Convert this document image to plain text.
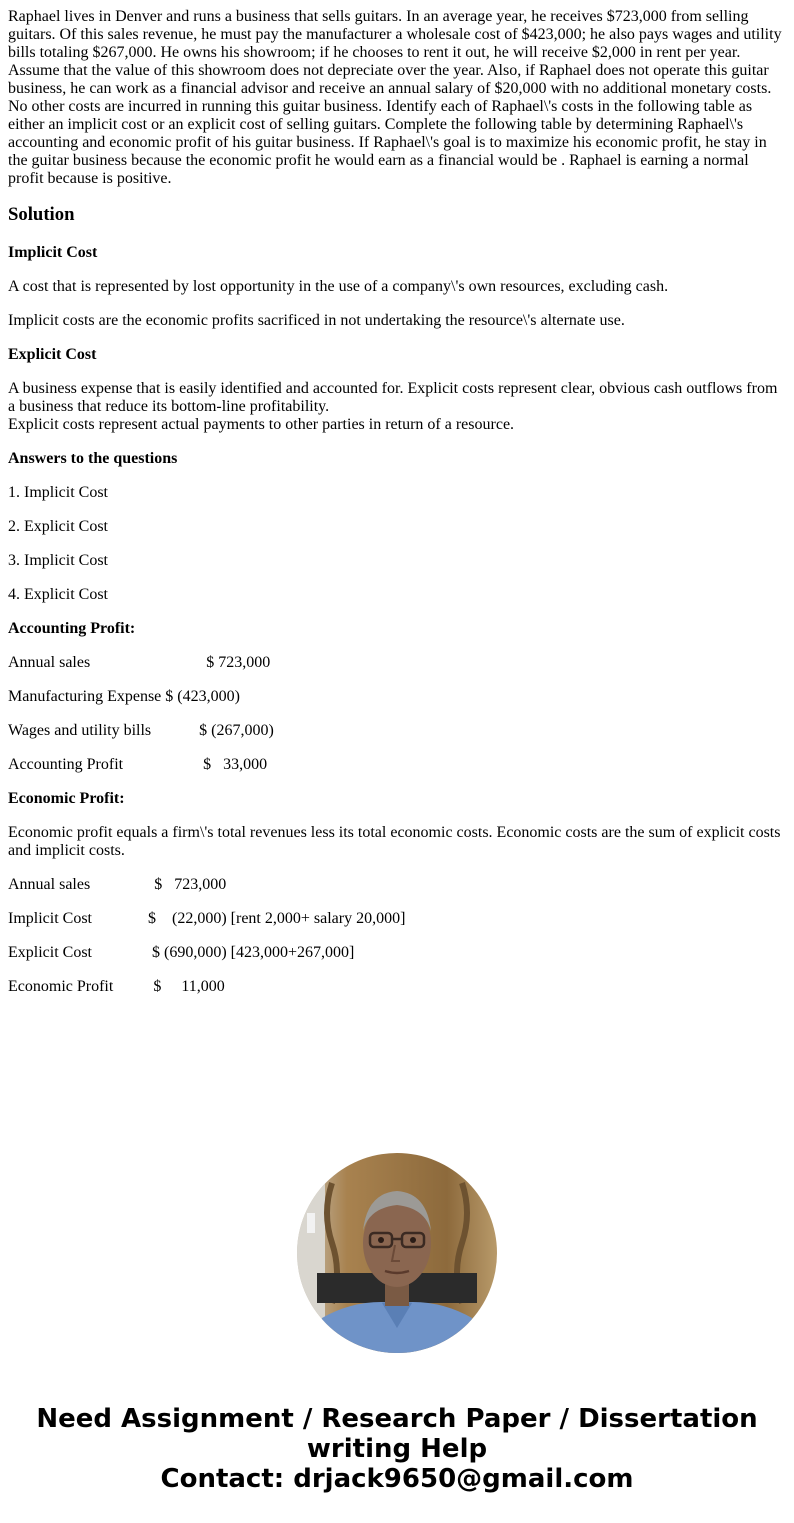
Raphael lives in Denver and runs a business that sells guitars. In an average year, he receives $723,000 from selling guitars. Of this sales revenue, he must pay the manufacturer a wholesale cost of $423,000; he also pays wages and utility bills totaling $267,000. He owns his showroom; if he chooses to rent it out, he will receive $2,000 in rent per year. Assume that the value of this showroom does not depreciate over the year. Also, if Raphael does not operate this guitar business, he can work as a financial advisor and receive an annual salary of $20,000 with no additional monetary costs. No other costs are incurred in running this guitar business. Identify each of Raphael\'s costs in the following table as either an implicit cost or an explicit cost of selling guitars. Complete the following table by determining Raphael\'s accounting and economic profit of his guitar business. If Raphael\'s goal is to maximize his economic profit, he stay in the guitar business because the economic profit he would earn as a financial would be . Raphael is earning a normal profit because is positive.

Solution

Implicit Cost

A cost that is represented by lost opportunity in the use of a company\'s own resources, excluding cash.

Implicit costs are the economic profits sacrificed in not undertaking the resource\'s alternate use.

Explicit Cost

A business expense that is easily identified and accounted for. Explicit costs represent clear, obvious cash outflows from a business that reduce its bottom-line profitability.
Explicit costs represent actual payments to other parties in return of a resource.

Answers to the questions

1. Implicit Cost

2. Explicit Cost

3. Implicit Cost

4. Explicit Cost

Accounting Profit:

Annual sales                             $ 723,000
Manufacturing Expense $ (423,000)
Wages and utility bills            $ (267,000)
Accounting Profit                    $   33,000

Economic Profit:

Economic profit equals a firm\'s total revenues less its total economic costs. Economic costs are the sum of explicit costs and implicit costs.

Annual sales                $   723,000
Implicit Cost              $    (22,000) [rent 2,000+ salary 20,000]
Explicit Cost               $ (690,000) [423,000+267,000]
Economic Profit          $     11,000
Need Assignment / Research Paper / Dissertation
writing Help
Contact: drjack9650@gmail.com
